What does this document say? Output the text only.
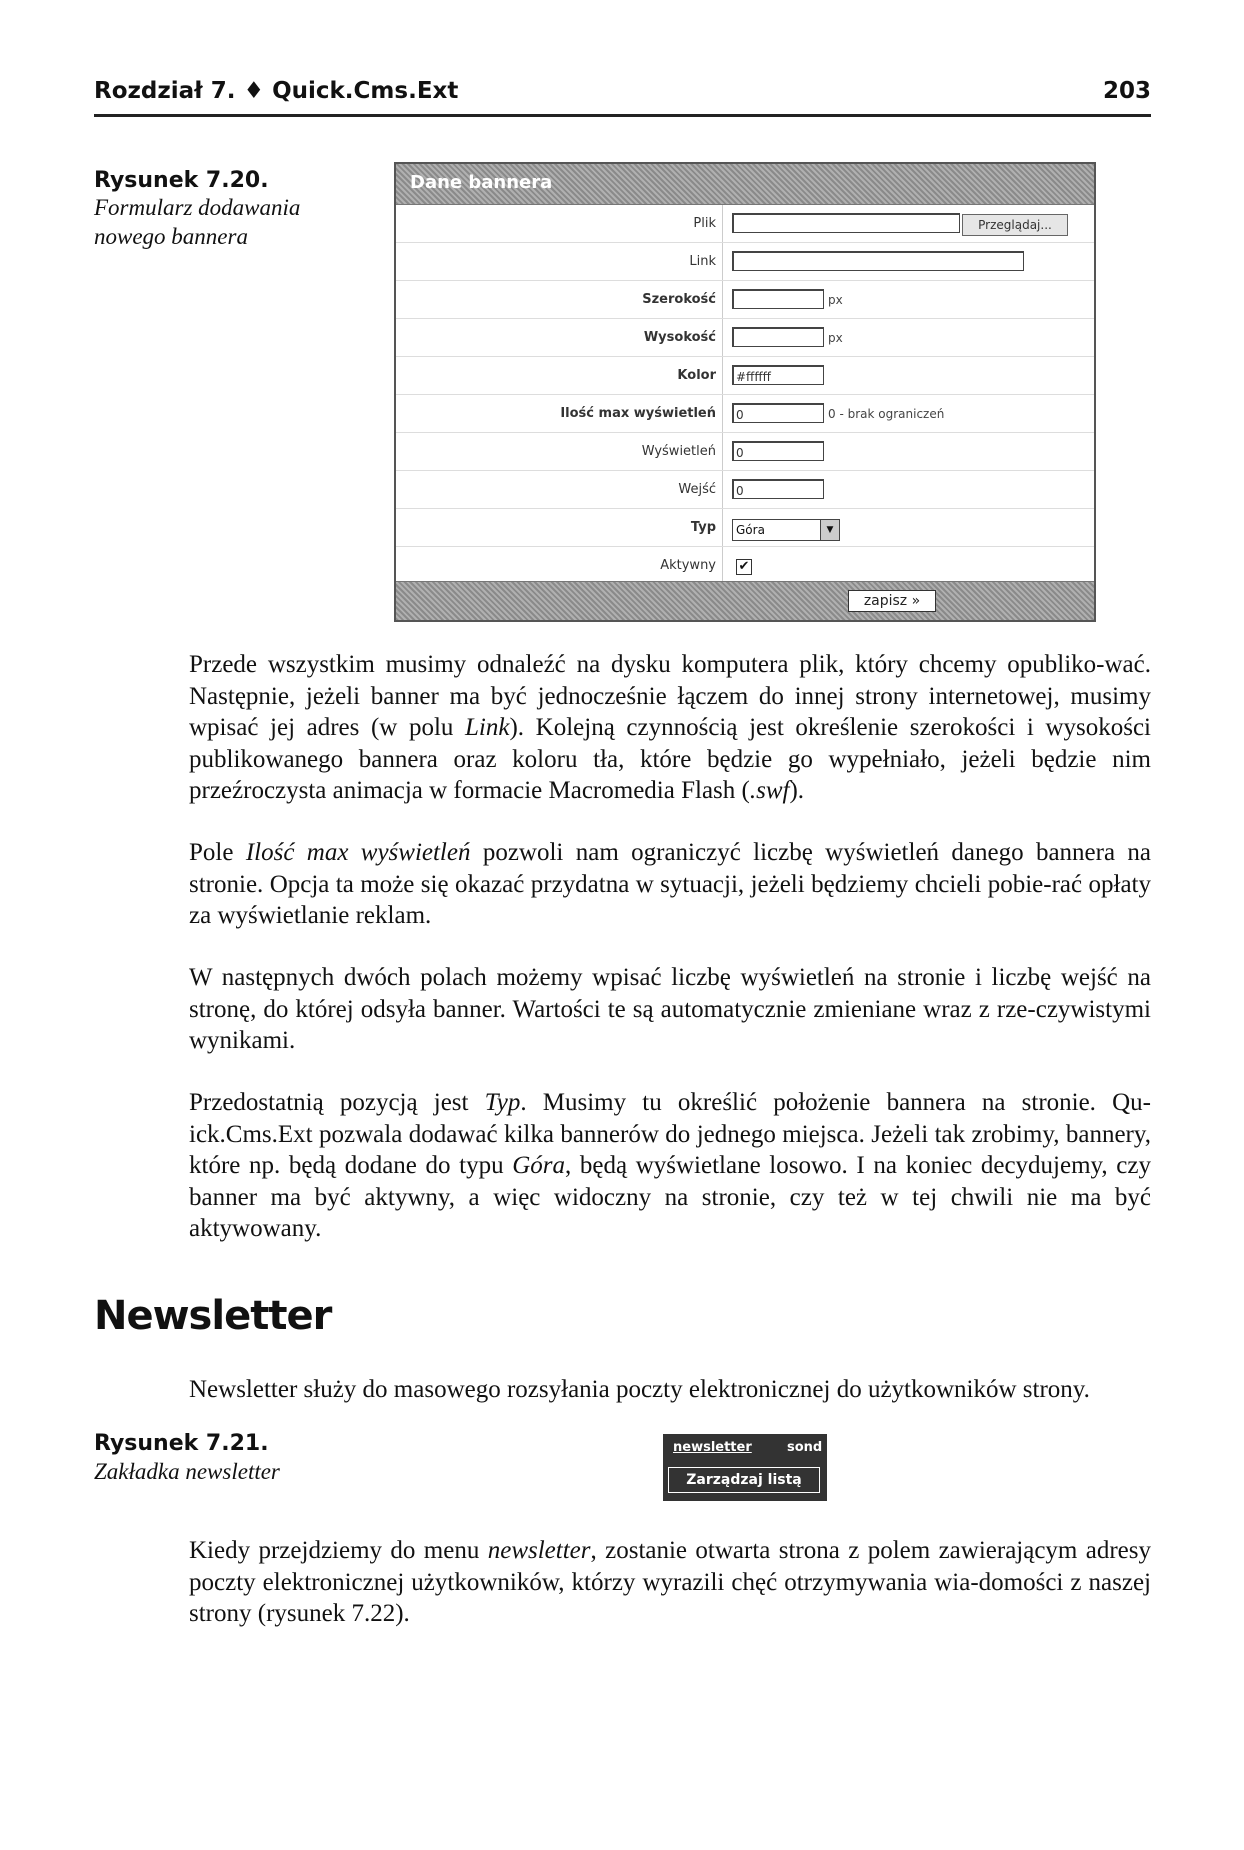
Rozdział 7. ♦ Quick.Cms.Ext	203
Rysunek 7.20.
Formularz dodawania
nowego bannera
Dane bannera
Plik	Przeglądaj...
Link
Szerokość	px
Wysokość	px
Kolor	#ffffff
Ilość max wyświetleń	0	0 - brak ograniczeń
Wyświetleń	0
Wejść	0
Typ	Góra	▼
Aktywny ✔
zapisz »
Przede wszystkim musimy odnaleźć na dysku komputera plik, który chcemy opubliko-wać. Następnie, jeżeli banner ma być jednocześnie łączem do innej strony internetowej, musimy wpisać jej adres (w polu Link). Kolejną czynnością jest określenie szerokości i wysokości publikowanego bannera oraz koloru tła, które będzie go wypełniało, jeżeli będzie nim przeźroczysta animacja w formacie Macromedia Flash (.swf).
Pole Ilość max wyświetleń pozwoli nam ograniczyć liczbę wyświetleń danego bannera na stronie. Opcja ta może się okazać przydatna w sytuacji, jeżeli będziemy chcieli pobie-rać opłaty za wyświetlanie reklam.
W następnych dwóch polach możemy wpisać liczbę wyświetleń na stronie i liczbę wejść na stronę, do której odsyła banner. Wartości te są automatycznie zmieniane wraz z rze-czywistymi wynikami.
Przedostatnią pozycją jest Typ. Musimy tu określić położenie bannera na stronie. Qu-ick.Cms.Ext pozwala dodawać kilka bannerów do jednego miejsca. Jeżeli tak zrobimy, bannery, które np. będą dodane do typu Góra, będą wyświetlane losowo. I na koniec decydujemy, czy banner ma być aktywny, a więc widoczny na stronie, czy też w tej chwili nie ma być aktywowany.
Newsletter
Newsletter służy do masowego rozsyłania poczty elektronicznej do użytkowników strony.
Rysunek 7.21.
Zakładka newsletter
newsletter	sond
Zarządzaj listą
Kiedy przejdziemy do menu newsletter, zostanie otwarta strona z polem zawierającym adresy poczty elektronicznej użytkowników, którzy wyrazili chęć otrzymywania wia-domości z naszej strony (rysunek 7.22).
